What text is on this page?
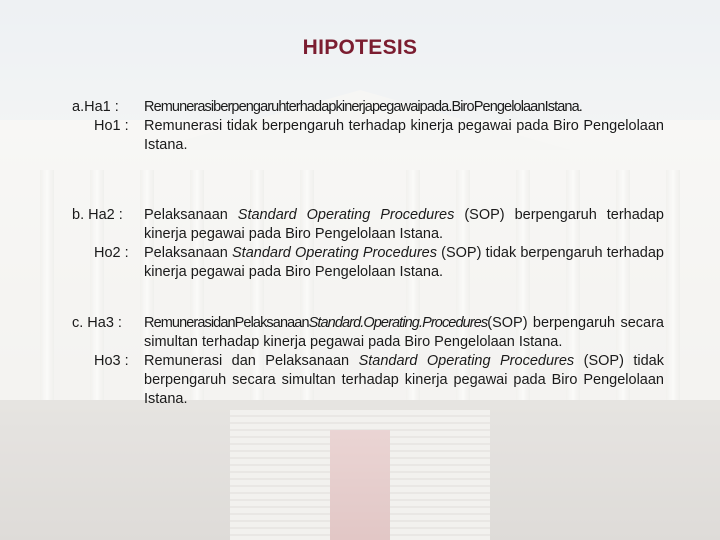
HIPOTESIS
a.Ha1 : Remunerasiberpengaruhterhadapkinerjapegawaipada.Biro Pengelolaan Istana.
Ho1 : Remunerasi tidak berpengaruh terhadap kinerja pegawai pada Biro Pengelolaan Istana.
b. Ha2 : Pelaksanaan Standard Operating Procedures (SOP) berpengaruh terhadap kinerja pegawai pada Biro Pengelolaan Istana.
Ho2 : Pelaksanaan Standard Operating Procedures (SOP) tidak berpengaruh terhadap kinerja pegawai pada Biro Pengelolaan Istana.
c. Ha3 : RemunerasidanPelaksanaanStandard.Operating.Procedures(SOP) berpengaruh secara simultan terhadap kinerja pegawai pada Biro Pengelolaan Istana.
Ho3 : Remunerasi dan Pelaksanaan Standard Operating Procedures (SOP) tidak berpengaruh secara simultan terhadap kinerja pegawai pada Biro Pengelolaan Istana.
